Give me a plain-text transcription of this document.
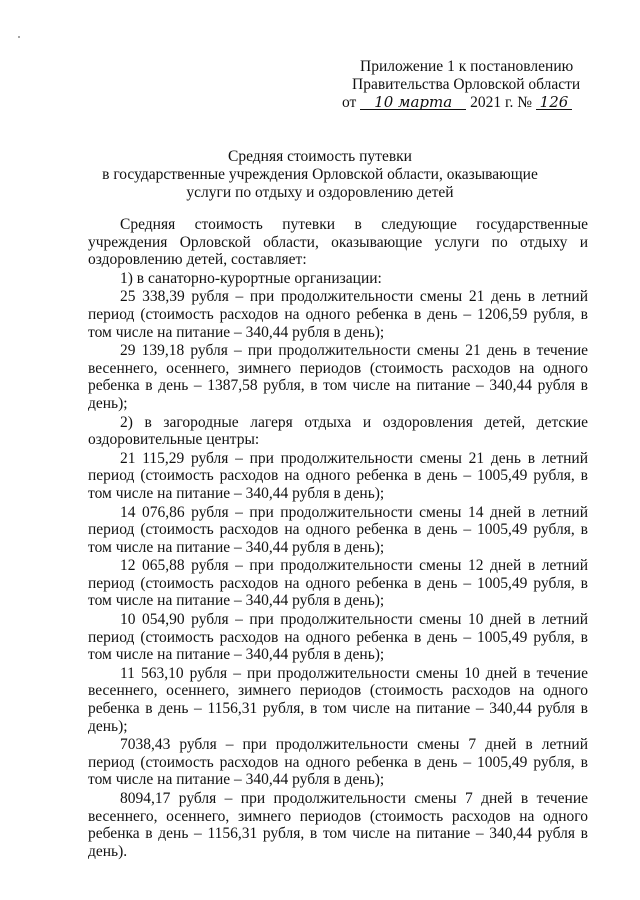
Приложение 1 к постановлению
Правительства Орловской области
от 10 марта 2021 г. № 126
Средняя стоимость путевки
в государственные учреждения Орловской области, оказывающие
услуги по отдыху и оздоровлению детей

Средняя стоимость путевки в следующие государственные учреждения Орловской области, оказывающие услуги по отдыху и оздоровлению детей, составляет:

1) в санаторно-курортные организации:

25 338,39 рубля – при продолжительности смены 21 день в летний период (стоимость расходов на одного ребенка в день – 1206,59 рубля, в том числе на питание – 340,44 рубля в день);

29 139,18 рубля – при продолжительности смены 21 день в течение весеннего, осеннего, зимнего периодов (стоимость расходов на одного ребенка в день – 1387,58 рубля, в том числе на питание – 340,44 рубля в день);

2) в загородные лагеря отдыха и оздоровления детей, детские оздоровительные центры:

21 115,29 рубля – при продолжительности смены 21 день в летний период (стоимость расходов на одного ребенка в день – 1005,49 рубля, в том числе на питание – 340,44 рубля в день);

14 076,86 рубля – при продолжительности смены 14 дней в летний период (стоимость расходов на одного ребенка в день – 1005,49 рубля, в том числе на питание – 340,44 рубля в день);

12 065,88 рубля – при продолжительности смены 12 дней в летний период (стоимость расходов на одного ребенка в день – 1005,49 рубля, в том числе на питание – 340,44 рубля в день);

10 054,90 рубля – при продолжительности смены 10 дней в летний период (стоимость расходов на одного ребенка в день – 1005,49 рубля, в том числе на питание – 340,44 рубля в день);

11 563,10 рубля – при продолжительности смены 10 дней в течение весеннего, осеннего, зимнего периодов (стоимость расходов на одного ребенка в день – 1156,31 рубля, в том числе на питание – 340,44 рубля в день);

7038,43 рубля – при продолжительности смены 7 дней в летний период (стоимость расходов на одного ребенка в день – 1005,49 рубля, в том числе на питание – 340,44 рубля в день);

8094,17 рубля – при продолжительности смены 7 дней в течение весеннего, осеннего, зимнего периодов (стоимость расходов на одного ребенка в день – 1156,31 рубля, в том числе на питание – 340,44 рубля в день).
